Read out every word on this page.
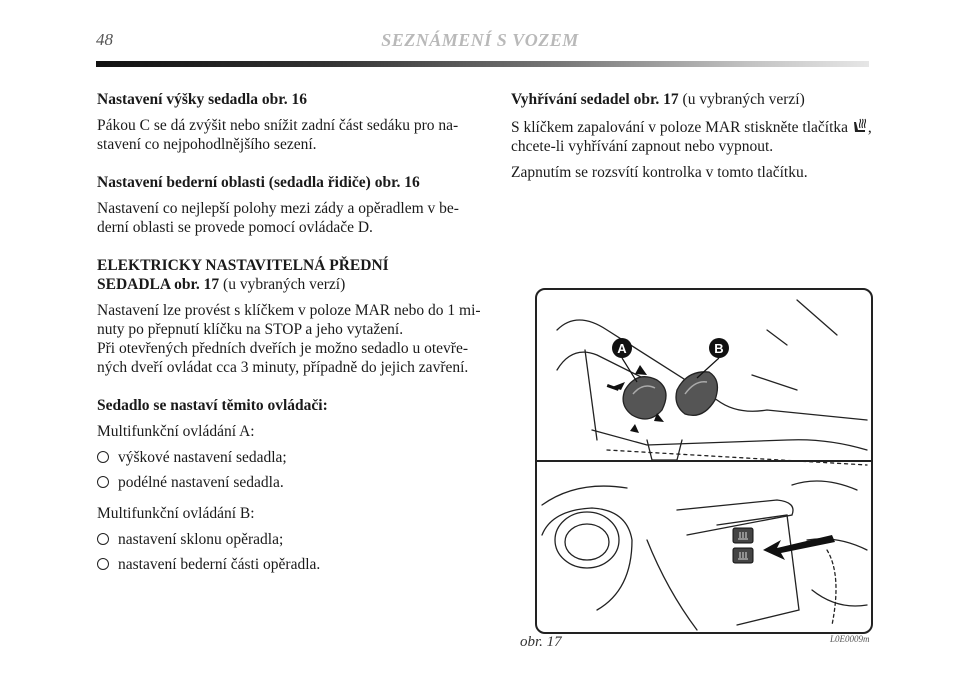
48	SEZNÁMENÍ S VOZEM

Nastavení výšky sedadla obr. 16

Pákou C se dá zvýšit nebo snížit zadní část sedáku pro na-stavení co nejpohodlnějšího sezení.

Nastavení bederní oblasti (sedadla řidiče) obr. 16

Nastavení co nejlepší polohy mezi zády a opěradlem v be-derní oblasti se provede pomocí ovládače D.

ELEKTRICKY NASTAVITELNÁ PŘEDNÍ
SEDADLA obr. 17 (u vybraných verzí)

Nastavení lze provést s klíčkem v poloze MAR nebo do 1 mi-nuty po přepnutí klíčku na STOP a jeho vytažení.

Při otevřených předních dveřích je možno sedadlo u otevře-ných dveří ovládat cca 3 minuty, případně do jejich zavření.

Sedadlo se nastaví těmito ovládači:

Multifunkční ovládání A:

výškové nastavení sedadla;
podélné nastavení sedadla.

Multifunkční ovládání B:

nastavení sklonu opěradla;
nastavení bederní části opěradla.

Vyhřívání sedadel obr. 17 (u vybraných verzí)

S klíčkem zapalování v poloze MAR stiskněte tlačítka ,

chcete-li vyhřívání zapnout nebo vypnout.

Zapnutím se rozsvítí kontrolka v tomto tlačítku.

A	B
obr. 17	L0E0009m
